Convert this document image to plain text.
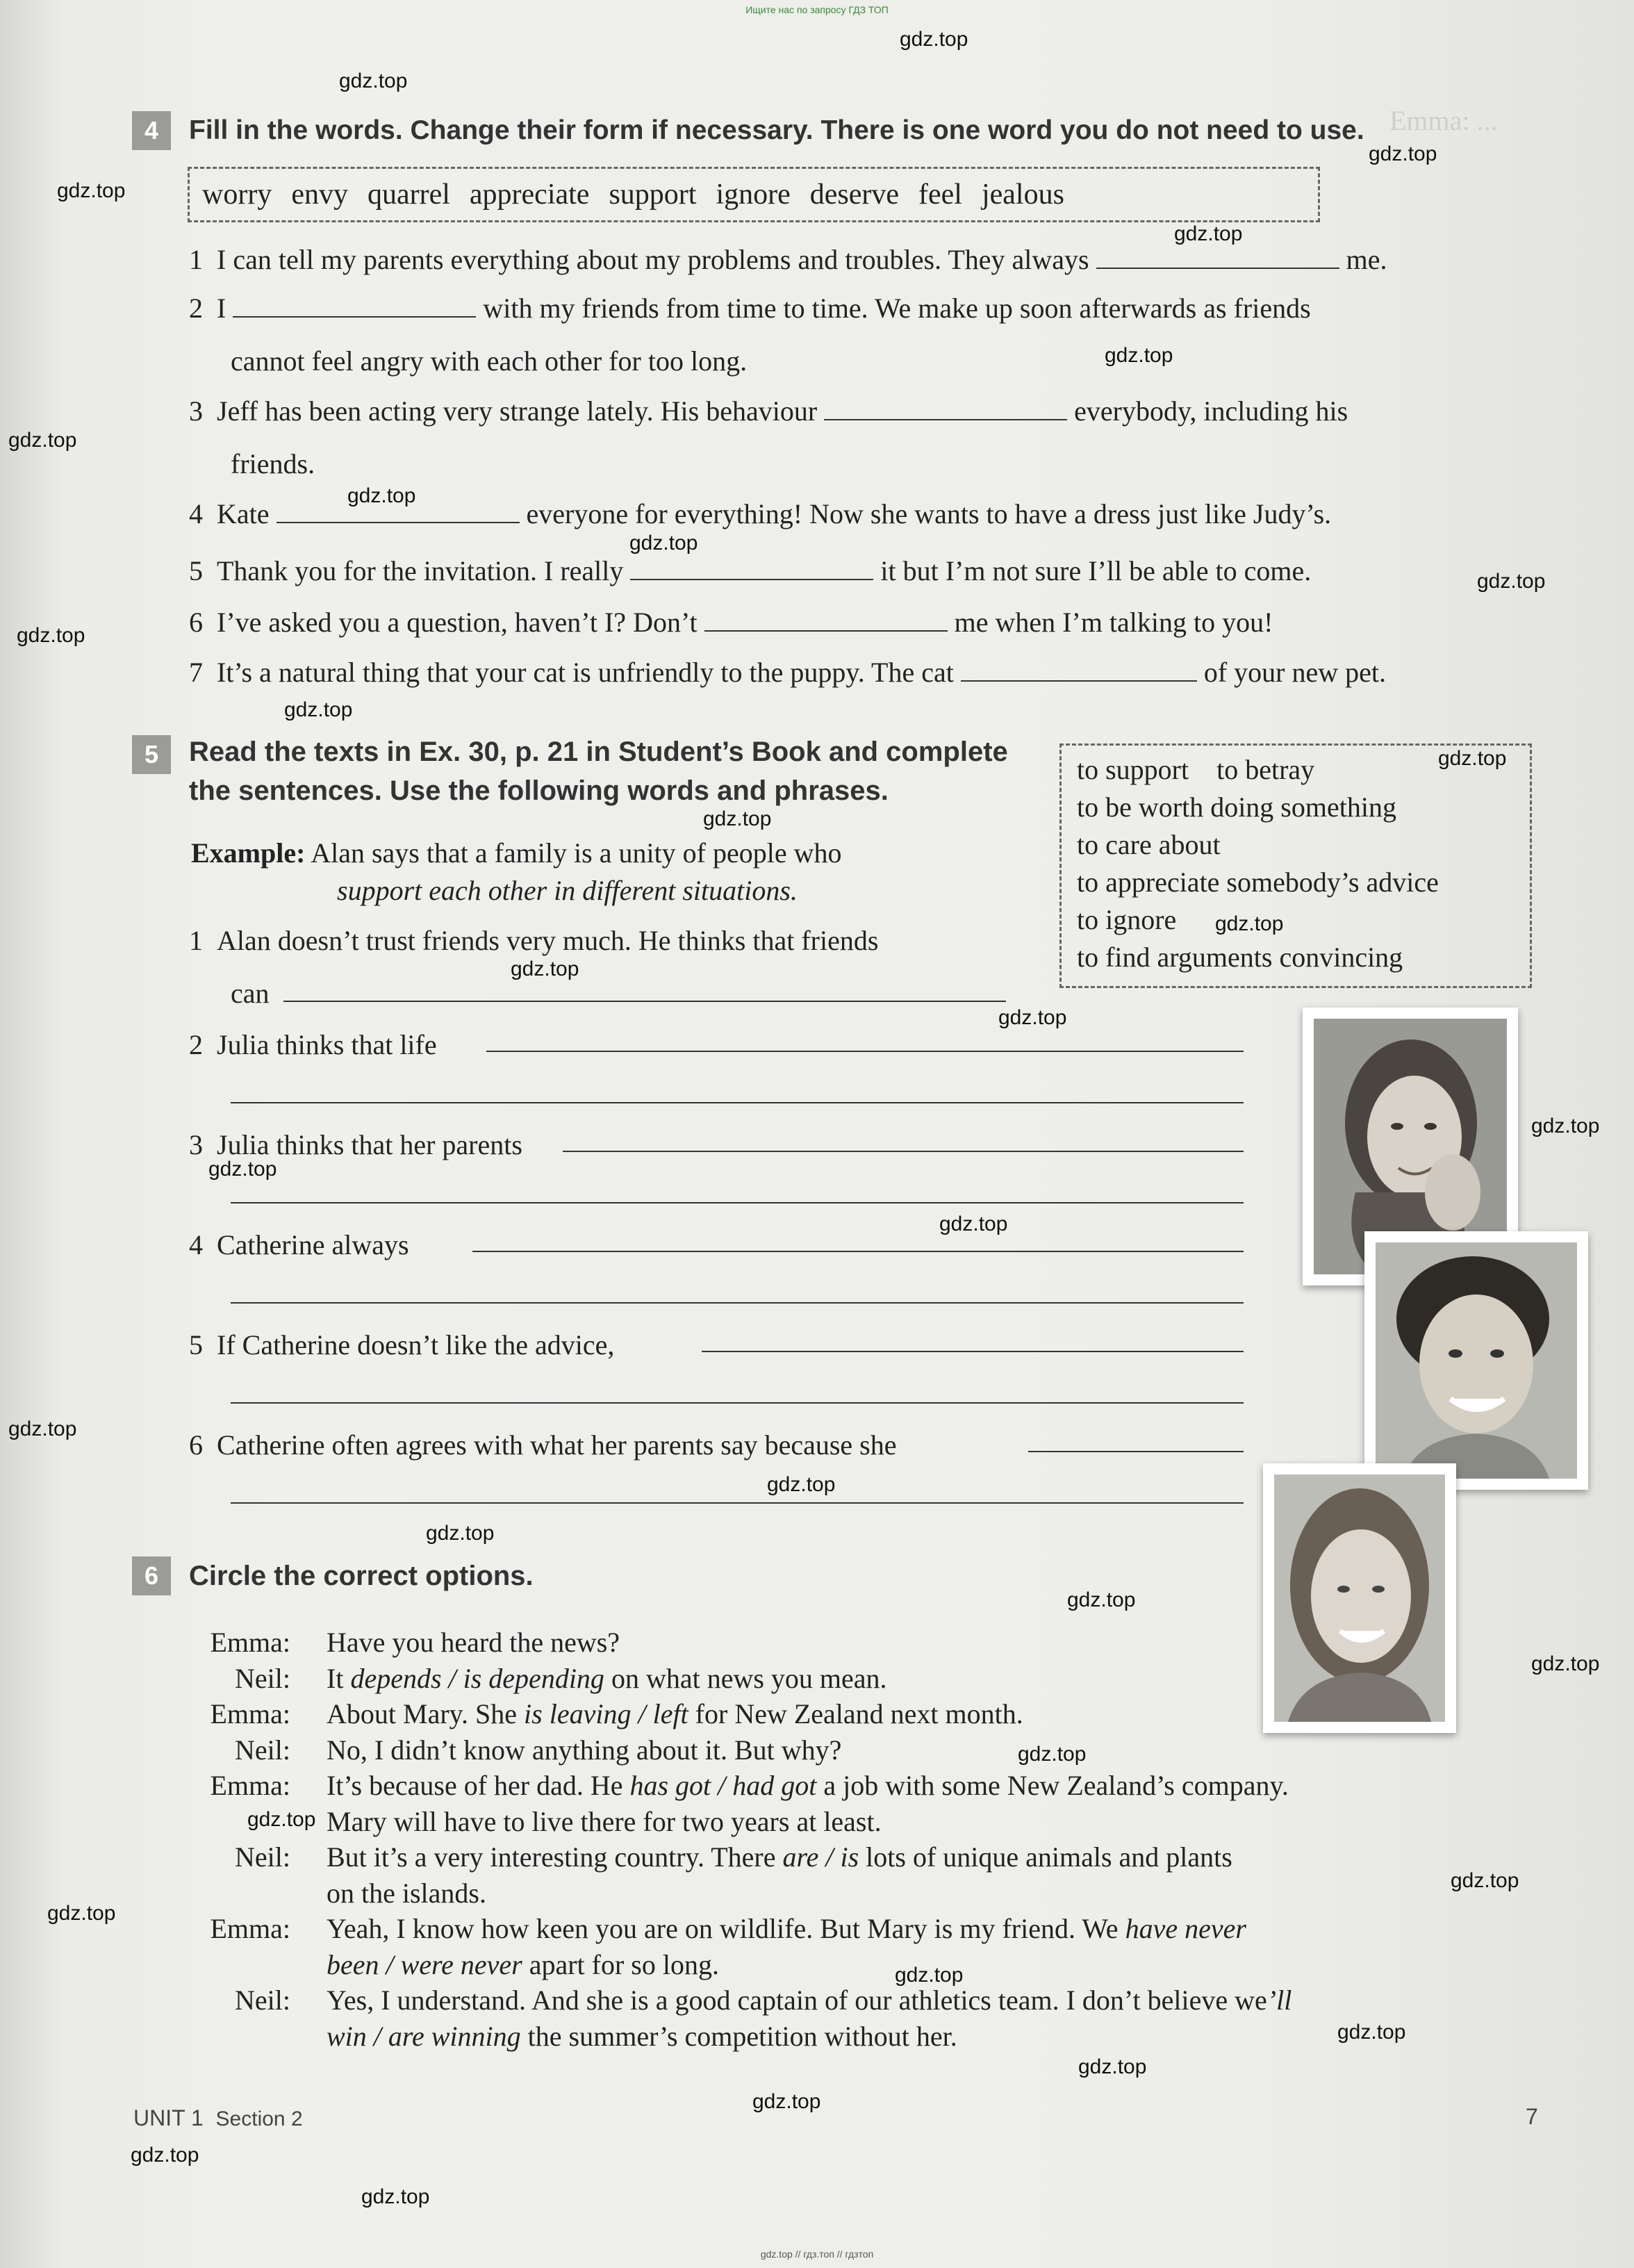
Emma: ...
Ищите нас по запросу ГДЗ ТОП
gdz.top
gdz.top
gdz.top
gdz.top
gdz.top
gdz.top
gdz.top
gdz.top
gdz.top
gdz.top
gdz.top
gdz.top
gdz.top
gdz.top
gdz.top
gdz.top
gdz.top
gdz.top
gdz.top
gdz.top
gdz.top
gdz.top
gdz.top
gdz.top
gdz.top
gdz.top
gdz.top
gdz.top
gdz.top
gdz.top
gdz.top
gdz.top
gdz.top
gdz.top
gdz.top
4	Fill in the words. Change their form if necessary. There is one word you do not need to use.
worry envy quarrel appreciate support ignore deserve feel jealous
1 I can tell my parents everything about my problems and troubles. They always	me.
2 I	with my friends from time to time. We make up soon afterwards as friends
cannot feel angry with each other for too long.
3 Jeff has been acting very strange lately. His behaviour	everybody, including his
friends.
4 Kate	everyone for everything! Now she wants to have a dress just like Judy’s.
5 Thank you for the invitation. I really	it but I’m not sure I’ll be able to come.
6 I’ve asked you a question, haven’t I? Don’t	me when I’m talking to you!
7 It’s a natural thing that your cat is unfriendly to the puppy. The cat	of your new pet.
5	Read the texts in Ex. 30, p. 21 in Student’s Book and complete
the sentences. Use the following words and phrases.
to support to betray
to be worth doing something
to care about
to appreciate somebody’s advice
to ignore
to find arguments convincing
Example: Alan says that a family is a unity of people who
support each other in different situations.
1 Alan doesn’t trust friends very much. He thinks that friends
can
2 Julia thinks that life
3 Julia thinks that her parents
4 Catherine always
5 If Catherine doesn’t like the advice,
6 Catherine often agrees with what her parents say because she
6	Circle the correct options.
Emma: Have you heard the news?
Neil: It depends / is depending on what news you mean.
Emma: About Mary. She is leaving / left for New Zealand next month.
Neil: No, I didn’t know anything about it. But why?
Emma: It’s because of her dad. He has got / had got a job with some New Zealand’s company.
Mary will have to live there for two years at least.
Neil: But it’s a very interesting country. There are / is lots of unique animals and plants
on the islands.
Emma: Yeah, I know how keen you are on wildlife. But Mary is my friend. We have never
been / were never apart for so long.
Neil: Yes, I understand. And she is a good captain of our athletics team. I don’t believe we’ll
win / are winning the summer’s competition without her.
UNIT 1 Section 2	7
gdz.top // гдз.топ // гдзтоп
